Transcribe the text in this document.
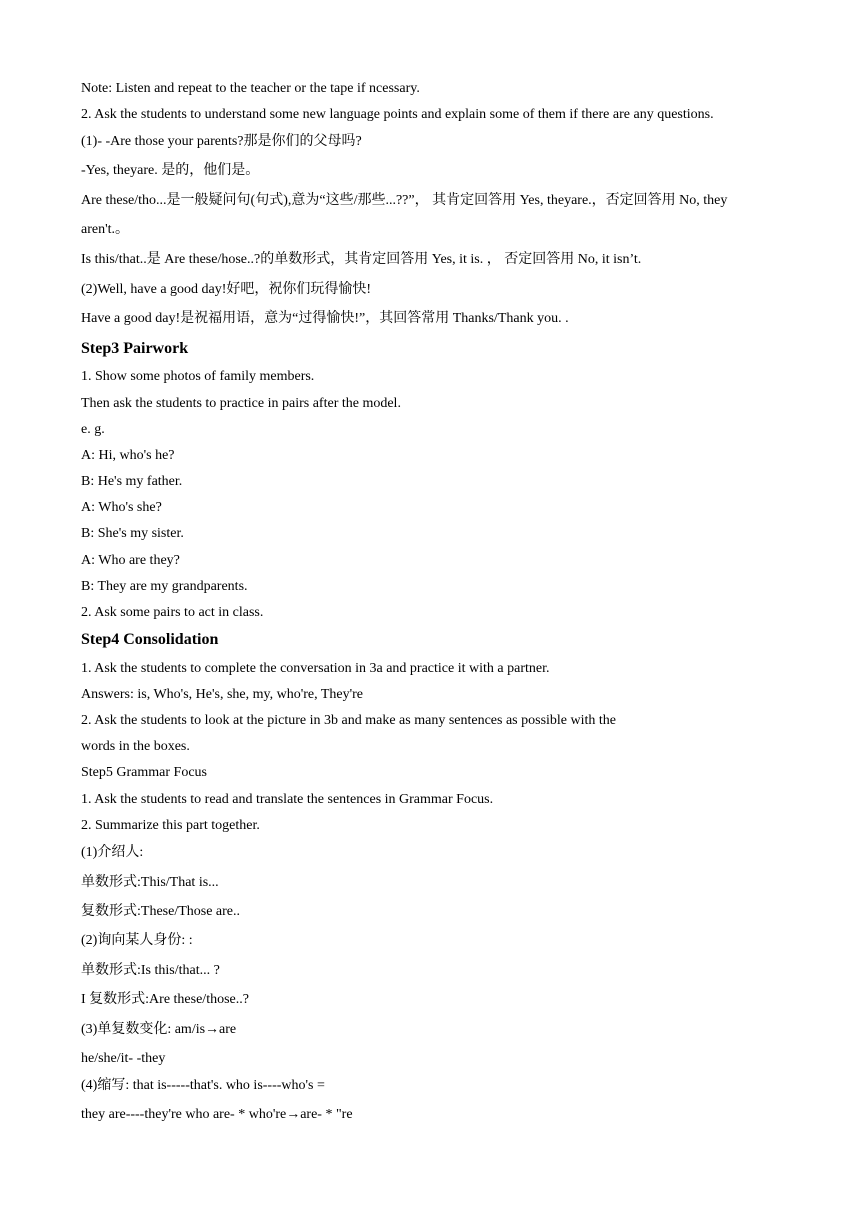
Note: Listen and repeat to the teacher or the tape if ncessary.
2. Ask the students to understand some new language points and explain some of them if there are any questions.
(1)- -Are those your parents?那是你们的父母吗?
-Yes, theyare. 是的，他们是。
Are these/tho...是一般疑问句(句式),意为“这些/那些...??”， 其肯定回答用 Yes, theyare.，否定回答用 No, they
aren't.。
Is this/that..是 Are these/hose..?的单数形式，其肯定回答用 Yes, it is. ， 否定回答用 No, it isn’t.
(2)Well, have a good day!好吧，祝你们玩得愉快!
Have a good day!是祝福用语，意为“过得愉快!”，其回答常用 Thanks/Thank you. .
Step3 Pairwork
1. Show some photos of family members.
Then ask the students to practice in pairs after the model.
e. g.
A: Hi, who's he?
B: He's my father.
A: Who's she?
B: She's my sister.
A: Who are they?
B: They are my grandparents.
2. Ask some pairs to act in class.
Step4 Consolidation
1. Ask the students to complete the conversation in 3a and practice it with a partner.
Answers: is, Who's, He's, she, my, who're, They're
2. Ask the students to look at the picture in 3b and make as many sentences as possible with the
words in the boxes.
Step5 Grammar Focus
1. Ask the students to read and translate the sentences in Grammar Focus.
2. Summarize this part together.
(1)介绍人:
单数形式:This/That is...
复数形式:These/Those are..
(2)询向某人身份: :
单数形式:Is this/that... ?
I 复数形式:Are these/those..?
(3)单复数变化: am/is→are
he/she/it- -they
(4)缩写: that is-----that's. who is----who's =
they are----they're who are- * who're→are- * "re
